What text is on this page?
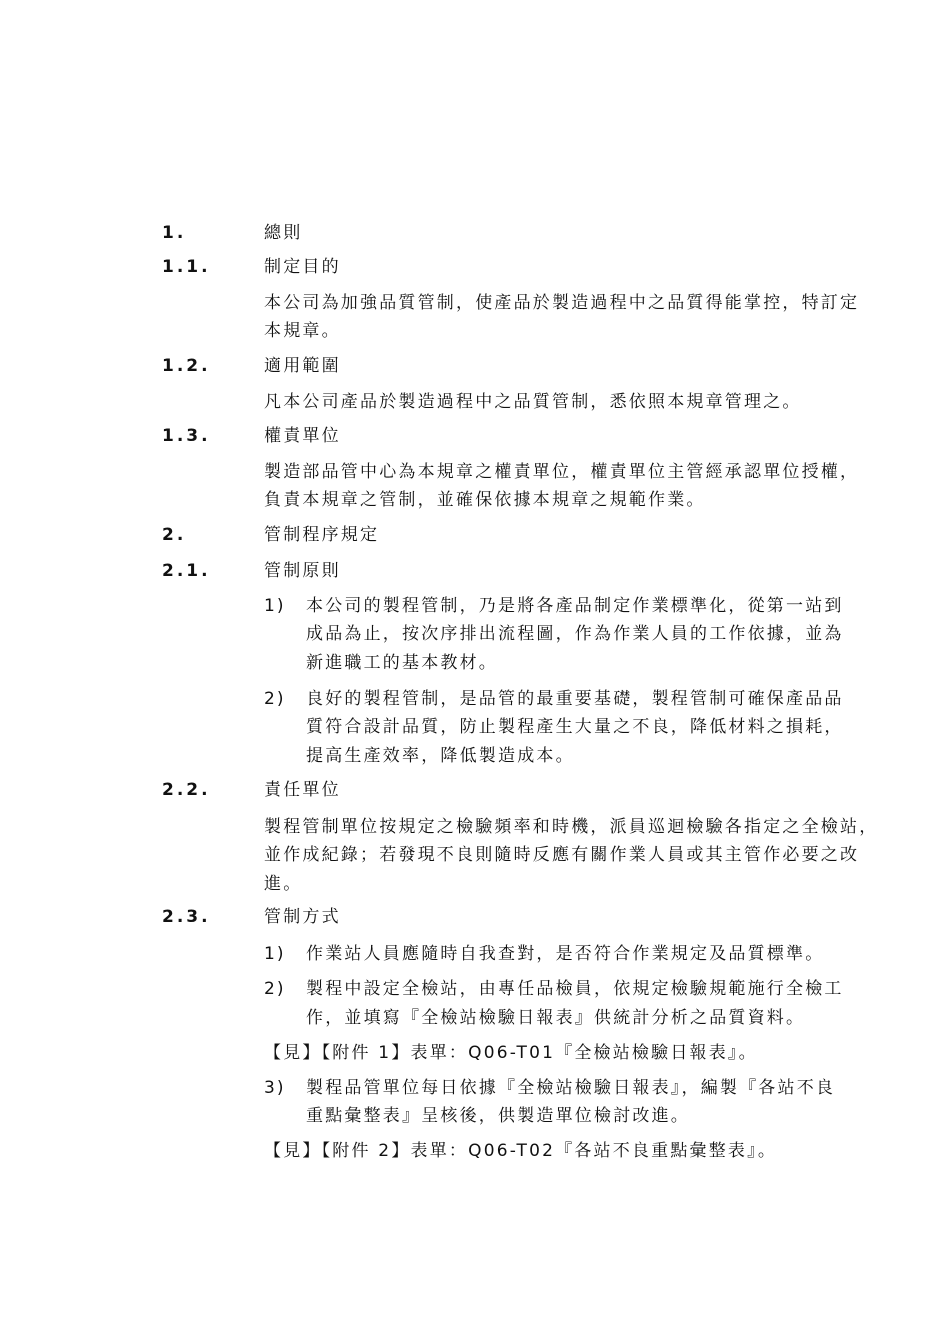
1.	總則
1.1.	制定目的
本公司為加強品質管制，使產品於製造過程中之品質得能掌控，特訂定
本規章。
1.2.	適用範圍
凡本公司產品於製造過程中之品質管制，悉依照本規章管理之。
1.3.	權責單位
製造部品管中心為本規章之權責單位，權責單位主管經承認單位授權，
負責本規章之管制，並確保依據本規章之規範作業。
2.	管制程序規定
2.1.	管制原則
1) 本公司的製程管制，乃是將各產品制定作業標準化，從第一站到
成品為止，按次序排出流程圖，作為作業人員的工作依據，並為
新進職工的基本教材。
2) 良好的製程管制，是品管的最重要基礎，製程管制可確保產品品
質符合設計品質，防止製程產生大量之不良，降低材料之損耗，
提高生產效率，降低製造成本。
2.2.	責任單位
製程管制單位按規定之檢驗頻率和時機，派員巡迴檢驗各指定之全檢站，
並作成紀錄；若發現不良則隨時反應有關作業人員或其主管作必要之改
進。
2.3.	管制方式
1) 作業站人員應隨時自我查對，是否符合作業規定及品質標準。
2) 製程中設定全檢站，由專任品檢員，依規定檢驗規範施行全檢工
作，並填寫『全檢站檢驗日報表』供統計分析之品質資料。
【見】【附件 1】表單：Q06-T01『全檢站檢驗日報表』。
3) 製程品管單位每日依據『全檢站檢驗日報表』，編製『各站不良
重點彙整表』呈核後，供製造單位檢討改進。
【見】【附件 2】表單：Q06-T02『各站不良重點彙整表』。
